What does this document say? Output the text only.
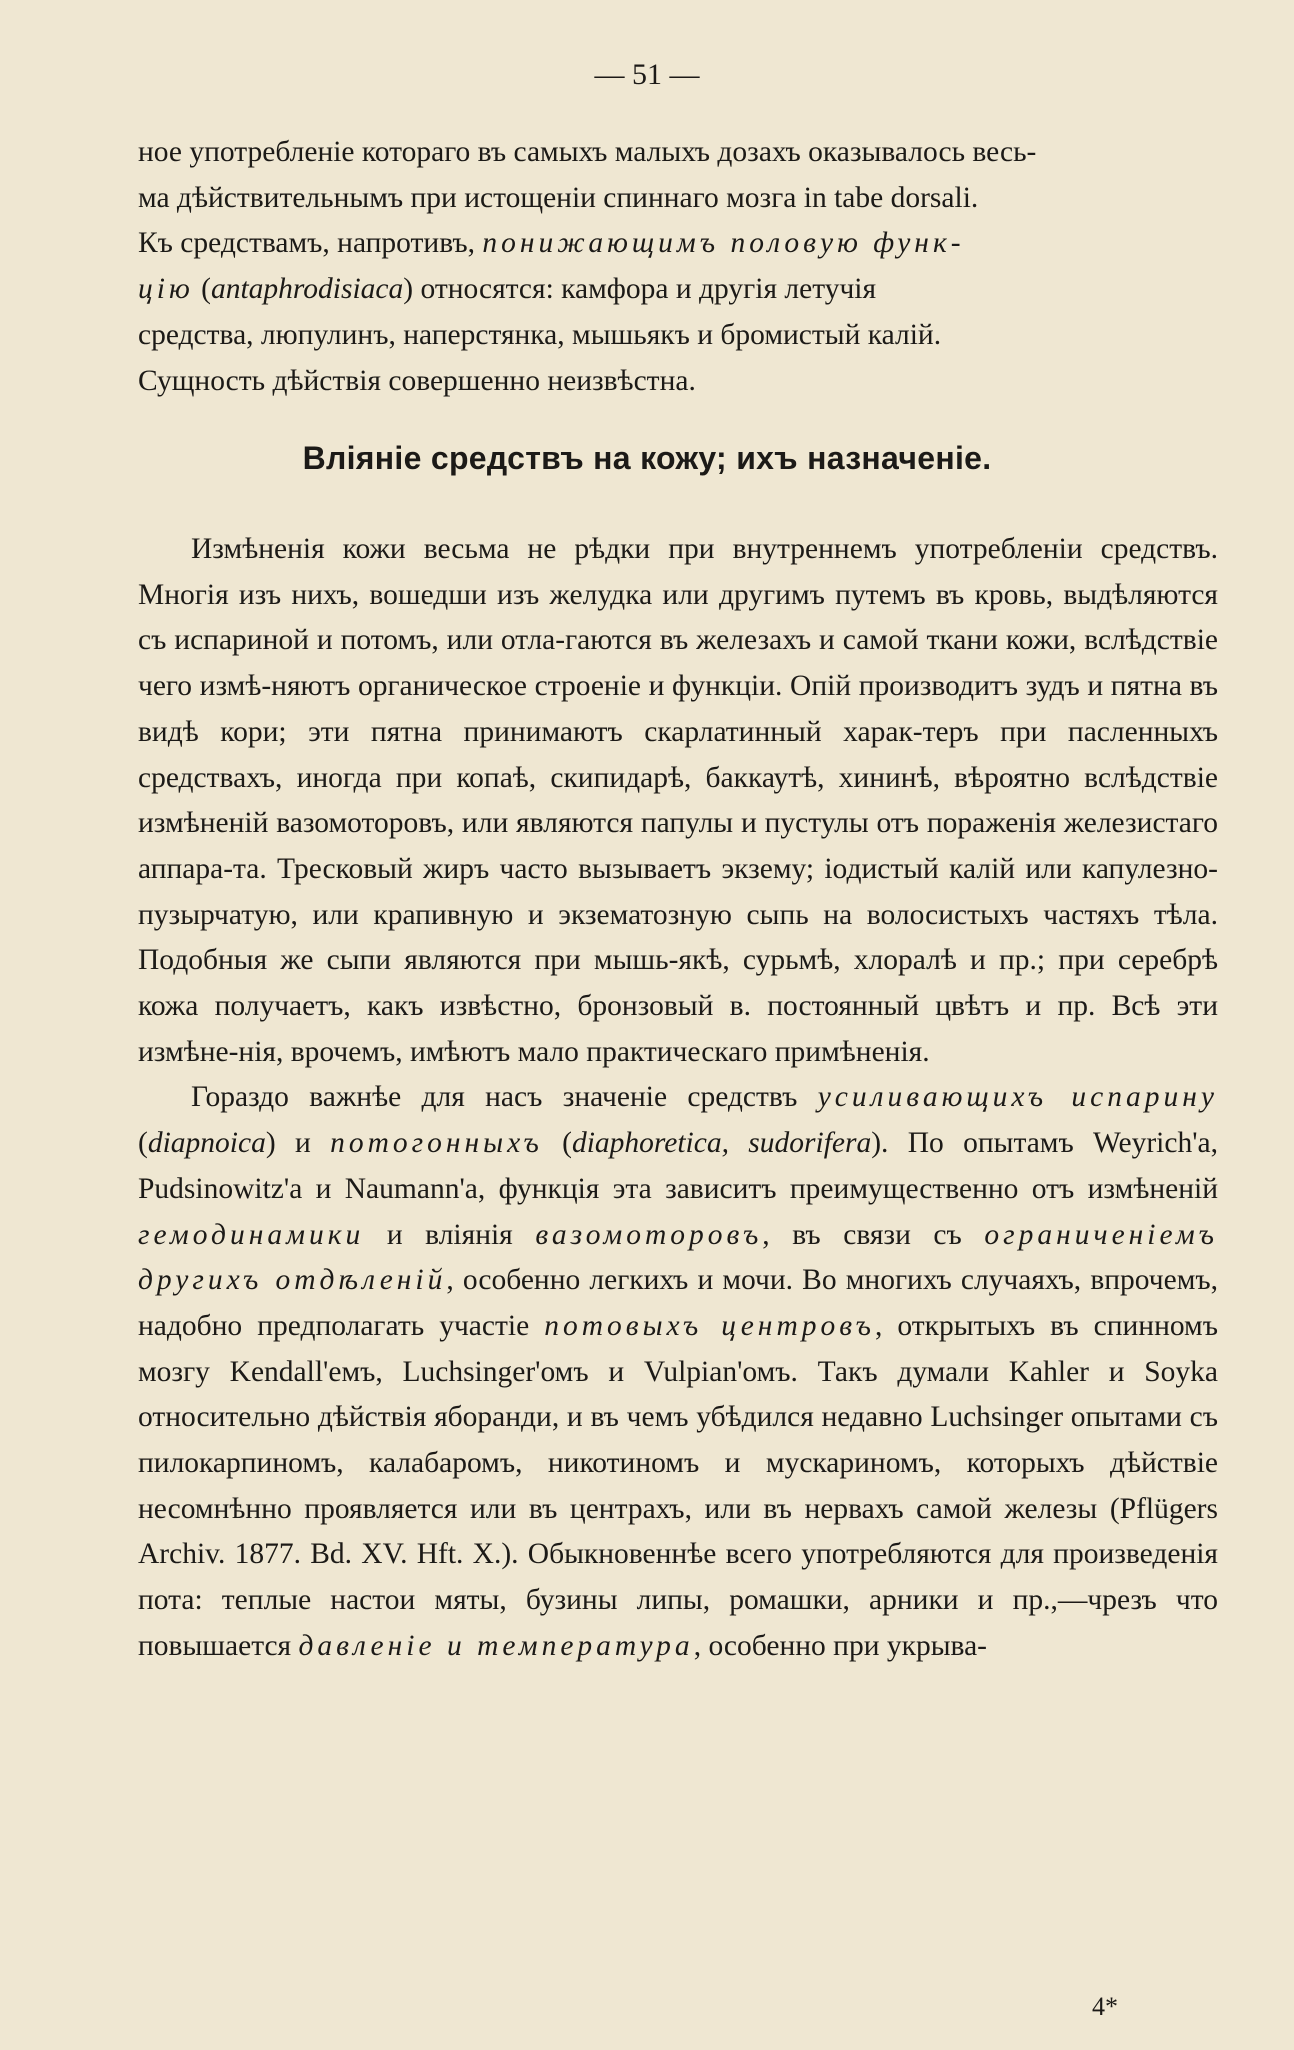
— 51 —

ное употребленіе котораго въ самыхъ малыхъ дозахъ оказывалось весь-
ма дѣйствительнымъ при истощеніи спиннаго мозга in tabe dorsali.
Къ средствамъ, напротивъ, понижающимъ половую функ-
цію (antaphrodisiaca) относятся: камфора и другія летучія
средства, люпулинъ, наперстянка, мышьякъ и бромистый калій.
Сущность дѣйствія совершенно неизвѣстна.

Вліяніе средствъ на кожу; ихъ назначеніе.

Измѣненія кожи весьма не рѣдки при внутреннемъ употребленіи средствъ. Многія изъ нихъ, вошедши изъ желудка или другимъ путемъ въ кровь, выдѣляются съ испариной и потомъ, или отла-гаются въ железахъ и самой ткани кожи, вслѣдствіе чего измѣ-няютъ органическое строеніе и функціи. Опій производитъ зудъ и пятна въ видѣ кори; эти пятна принимаютъ скарлатинный харак-теръ при пасленныхъ средствахъ, иногда при копаѣ, скипидарѣ, баккаутѣ, хининѣ, вѣроятно вслѣдствіе измѣненій вазомоторовъ, или являются папулы и пустулы отъ пораженія железистаго аппара-та. Тресковый жиръ часто вызываетъ экзему; іодистый калій или капулезно-пузырчатую, или крапивную и экзематозную сыпь на волосистыхъ частяхъ тѣла. Подобныя же сыпи являются при мышь-якѣ, сурьмѣ, хлоралѣ и пр.; при серебрѣ кожа получаетъ, какъ извѣстно, бронзовый в. постоянный цвѣтъ и пр. Всѣ эти измѣне-нія, врочемъ, имѣютъ мало практическаго примѣненія.

Гораздо важнѣе для насъ значеніе средствъ усиливающихъ испарину (diapnoica) и потогонныхъ (diaphoretica, sudorifera). По опытамъ Weyrich'а, Pudsinowitz'а и Naumann'а, функція эта зависитъ преимущественно отъ измѣненій гемодинамики и вліянія вазомоторовъ, въ связи съ ограниченіемъ другихъ отдѣленій, особенно легкихъ и мочи. Во многихъ случаяхъ, впрочемъ, надобно предполагать участіе потовыхъ центровъ, открытыхъ въ спинномъ мозгу Kendall'емъ, Luchsinger'омъ и Vulpian'омъ. Такъ думали Kahler и Soyka относительно дѣйствія яборанди, и въ чемъ убѣдился недавно Luchsinger опытами съ пилокарпиномъ, калабаромъ, никотиномъ и мускариномъ, которыхъ дѣйствіе несомнѣнно проявляется или въ центрахъ, или въ нервахъ самой железы (Pflügers Archiv. 1877. Bd. XV. Hft. X.). Обыкновеннѣе всего употребляются для произведенія пота: теплые настои мяты, бузины липы, ромашки, арники и пр.,—чрезъ что повышается давленіе и температура, особенно при укрыва-

4*
